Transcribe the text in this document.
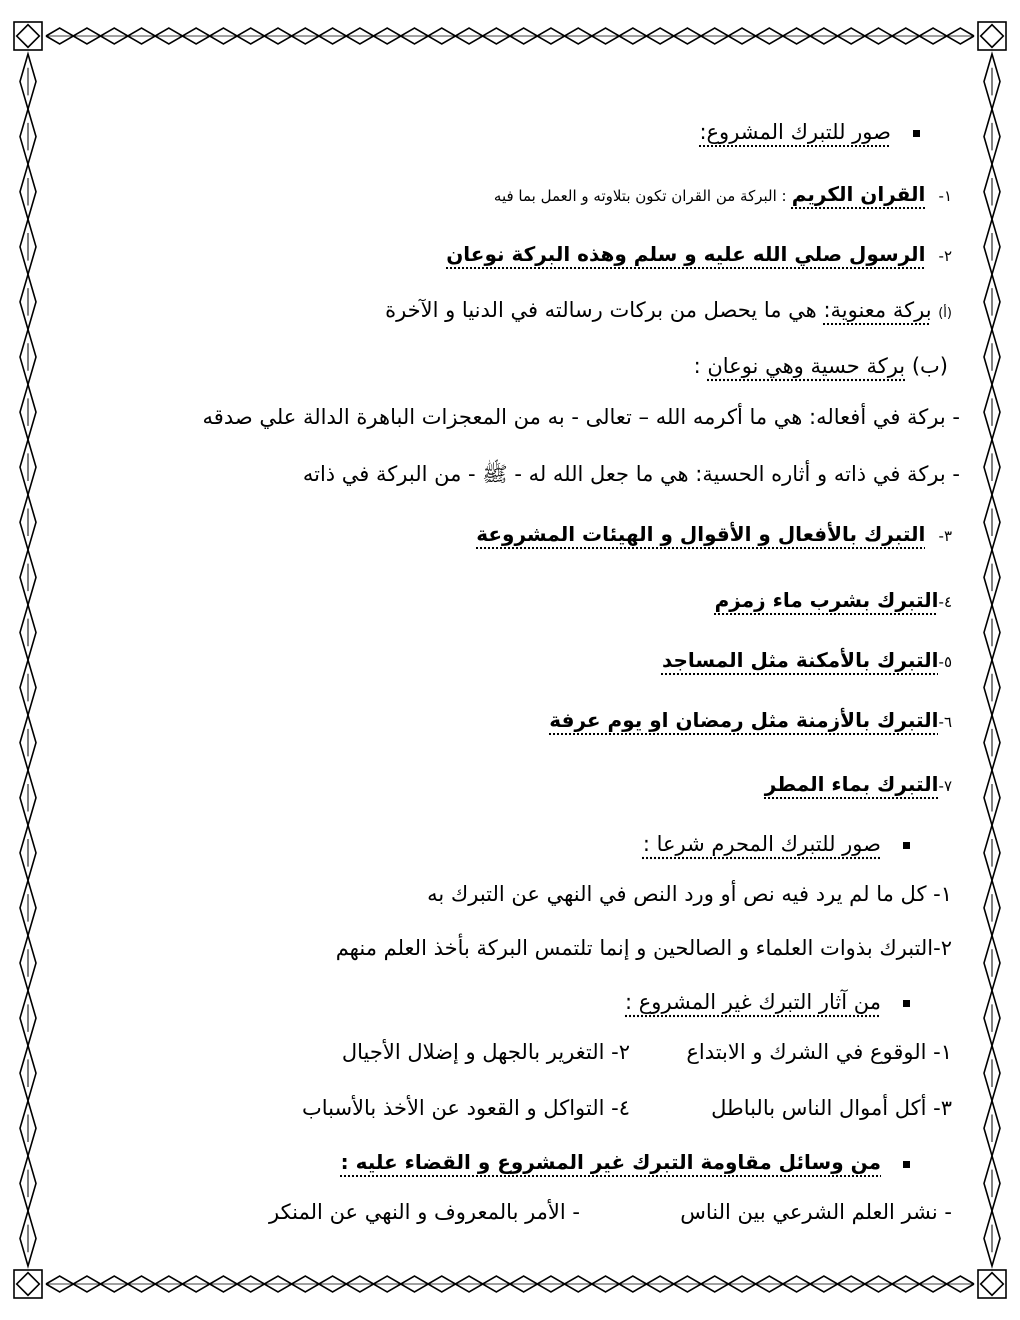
صور للتبرك المشروع:
١- القران الكريم : البركة من القران تكون بتلاوته و العمل بما فيه
٢- الرسول صلي الله عليه و سلم وهذه البركة نوعان
(أ) بركة معنوية: هي ما يحصل من بركات رسالته في الدنيا و الآخرة
(ب) بركة حسية وهي نوعان :
- بركة في أفعاله: هي ما أكرمه الله – تعالى - به من المعجزات الباهرة الدالة علي صدقه
- بركة في ذاته و أثاره الحسية: هي ما جعل الله له - ﷺ - من البركة في ذاته
٣- التبرك بالأفعال و الأقوال و الهيئات المشروعة
٤-التبرك بشرب ماء زمزم
٥-التبرك بالأمكنة مثل المساجد
٦-التبرك بالأزمنة مثل رمضان او يوم عرفة
٧-التبرك بماء المطر
صور للتبرك المحرم شرعا :
١- كل ما لم يرد فيه نص أو ورد النص في النهي عن التبرك به
٢-التبرك بذوات العلماء و الصالحين و إنما تلتمس البركة بأخذ العلم منهم
من آثار التبرك غير المشروع :
١- الوقوع في الشرك و الابتداع
٢- التغرير بالجهل و إضلال الأجيال
٣- أكل أموال الناس بالباطل
٤- التواكل و القعود عن الأخذ بالأسباب
من وسائل مقاومة التبرك غير المشروع و القضاء عليه :
- نشر العلم الشرعي بين الناس
- الأمر بالمعروف و النهي عن المنكر
